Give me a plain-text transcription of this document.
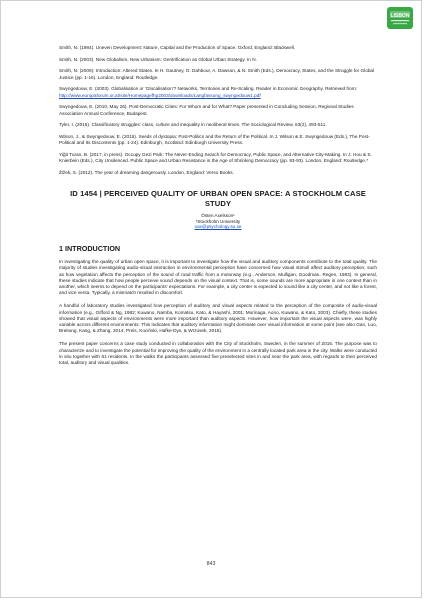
LISBON

Smith, N. (1984). Uneven Development: Nature, Capital and the Production of Space. Oxford, England: Blackwell.

Smith, N. (2003). New Globalism, New Urbanism: Gentrification as Global Urban Strategy. In N.

Smith, N. (2009). Introduction: Altered States. In H. Gautney, O. Dahbour, A. Dawson, & N. Smith (Eds.), Democracy, States, and the Struggle for Global Justice (pp. 1-16). London, England: Routledge.

Swyngedouw, E. (2003). Globalisation or 'Glocalisation'? Networks, Territories and Re-Scaling. Reader in Economic Geography. Retrieved from: http://www.europaforum.or.at/site/Homepagefhp2003/downloads/Langfassung_swyngedouw1.pdf

Swyngedouw, E. (2010, May 26). Post-Democratic Cities: For Whom and for What? Paper presented in Concluding Session, Regional Studies Association Annual Conference, Budapest.

Tyler, I. (2015). Classificatory struggles: class, culture and inequality in neoliberal times. The Sociological Review, 63(2), 493-511.

Wilson, J., & Swyngedouw, E. (2015). Seeds of dystopia: Post-Politics and the Return of the Political. In J. Wilson & E. Swyngedouw (Eds.), The Post-Political and Its Discontents (pp. 1-24). Edinburgh, Scotland: Edinburgh University Press.

Yiğit Turan, B. (2017, in press). Occupy Gezi Park: The Never-Ending Search for Democracy, Public Space, and Alternative City-Making. In J. Hou & S. Knierbein (Eds.), City Unsilenced. Public Space and Urban Resistance in the Age of Shrinking Democracy (pp. 83-93). London, England: Routledge.*

Žižek, S. (2012). The year of dreaming dangerously. London, England: Verso Books.

ID 1454 | PERCEIVED QUALITY OF URBAN OPEN SPACE: A STOCKHOLM CASE STUDY
Östen Axelsson¹
¹Stockholm University
oax@psychology.su.se
1 INTRODUCTION

In investigating the quality of urban open space, it is important to investigate how the visual and auditory components contribute to the total quality. The majority of studies investigating audio-visual interaction in environmental perception have concerned how visual stimuli affect auditory perception, such as how vegetation affects the perception of the sound of road traffic from a motorway (e.g., Anderson, Mulligan, Goodman, Regen, 1983). In general, these studies indicate that how people perceive sound depends on the visual context. That is, some sounds are more appropriate in one context than in another, which seems to depend on the participants' expectations. For example, a city center is expected to sound like a city center, and not like a forest, and vice versa. Typically, a mismatch resulted in discomfort.

A handful of laboratory studies investigated how perception of auditory and visual aspects related to the perception of the composite of audio-visual information (e.g., Gifford & Ng, 1982; Kuwano, Namba, Komatsu, Kato, & Hayashi, 2001; Morinaga, Aono, Kuwano, & Kato, 2003). Chiefly, these studies showed that visual aspects of environments were more important than auditory aspects. However, how important the visual aspects were, was highly variable across different environments. This indicates that auditory information might dominate over visual information at some point (see also Gan, Luo, Breitung, Kang, & Zhang, 2014; Preis, Kociński, Hafke-Dys, & Wrzosek, 2015).

The present paper concerns a case study conducted in collaboration with the City of Stockholm, Sweden, in the summer of 2016. The purpose was to characterize and to investigate the potential for improving the quality of the environment in a centrally located park area in the city. Walks were conducted in situ together with 61 residents. In the walks the participants assessed five preselected sites in and near the park area, with regards to their perceived total, auditory and visual qualities.

843
